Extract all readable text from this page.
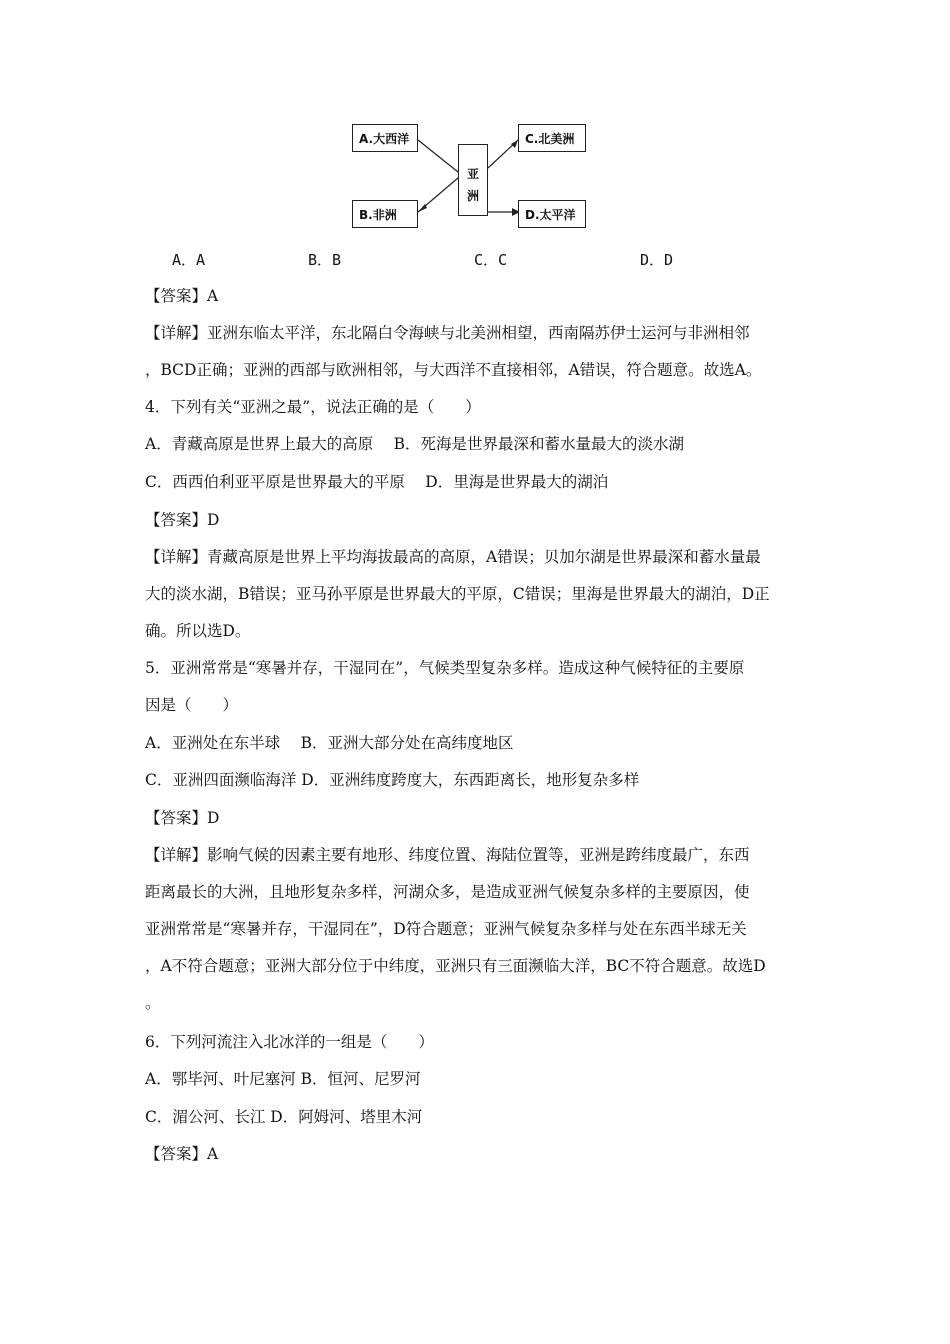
A.大西洋
B.非洲
C.北美洲
D.太平洋
亚
洲
A．A	B．B	C．C	D．D
【答案】A
【详解】亚洲东临太平洋，东北隔白令海峡与北美洲相望，西南隔苏伊士运河与非洲相邻
，BCD正确；亚洲的西部与欧洲相邻，与大西洋不直接相邻，A错误，符合题意。故选A。
4．下列有关“亚洲之最”，说法正确的是（　　）
A．青藏高原是世界上最大的高原　 B．死海是世界最深和蓄水量最大的淡水湖
C．西西伯利亚平原是世界最大的平原　 D．里海是世界最大的湖泊
【答案】D
【详解】青藏高原是世界上平均海拔最高的高原，A错误；贝加尔湖是世界最深和蓄水量最
大的淡水湖，B错误；亚马孙平原是世界最大的平原，C错误；里海是世界最大的湖泊，D正
确。所以选D。
5．亚洲常常是“寒暑并存，干湿同在”，气候类型复杂多样。造成这种气候特征的主要原
因是（　　）
A．亚洲处在东半球　 B．亚洲大部分处在高纬度地区
C．亚洲四面濒临海洋 D．亚洲纬度跨度大，东西距离长，地形复杂多样
【答案】D
【详解】影响气候的因素主要有地形、纬度位置、海陆位置等，亚洲是跨纬度最广，东西
距离最长的大洲，且地形复杂多样，河湖众多，是造成亚洲气候复杂多样的主要原因，使
亚洲常常是“寒暑并存，干湿同在”，D符合题意；亚洲气候复杂多样与处在东西半球无关
，A不符合题意；亚洲大部分位于中纬度，亚洲只有三面濒临大洋，BC不符合题意。故选D
。
6．下列河流注入北冰洋的一组是（　　）
A．鄂毕河、叶尼塞河 B．恒河、尼罗河
C．湄公河、长江 D．阿姆河、塔里木河
【答案】A
